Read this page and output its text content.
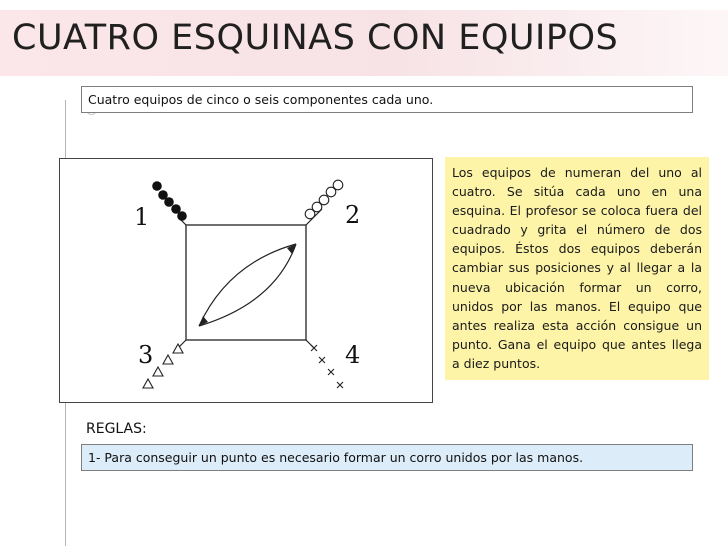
CUATRO ESQUINAS CON EQUIPOS
Cuatro equipos de cinco o seis componentes cada uno.
1	2
3	4
Los equipos de numeran del uno al cuatro. Se sitúa cada uno en una esquina. El profesor se coloca fuera del cuadrado y grita el número de dos equipos. Éstos dos equipos deberán cambiar sus posiciones y al llegar a la nueva ubicación formar un corro, unidos por las manos. El equipo que antes realiza esta acción consigue un punto. Gana el equipo que antes llega a diez puntos.
REGLAS:
1- Para conseguir un punto es necesario formar un corro unidos por las manos.
